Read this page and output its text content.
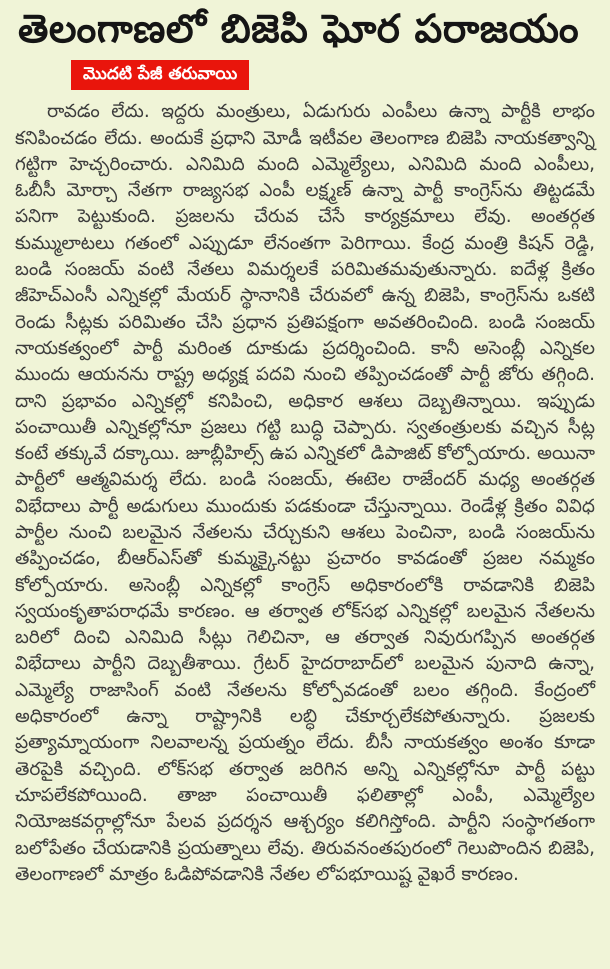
తెలంగాణలో బిజెపి ఘోర పరాజయం
మొదటి పేజీ తరువాయి

రావడం లేదు. ఇద్దరు మంత్రులు, ఏడుగురు ఎంపీలు ఉన్నా పార్టీకి లాభం కనిపించడం లేదు. అందుకే ప్రధాని మోడీ ఇటీవల తెలంగాణ బిజెపి నాయకత్వాన్ని గట్టిగా హెచ్చరించారు. ఎనిమిది మంది ఎమ్మెల్యేలు, ఎనిమిది మంది ఎంపీలు, ఓబీసీ మోర్చా నేతగా రాజ్యసభ ఎంపీ లక్ష్మణ్ ఉన్నా పార్టీ కాంగ్రెస్‌ను తిట్టడమే పనిగా పెట్టుకుంది. ప్రజలను చేరువ చేసే కార్యక్రమాలు లేవు. అంతర్గత కుమ్ములాటలు గతంలో ఎప్పుడూ లేనంతగా పెరిగాయి. కేంద్ర మంత్రి కిషన్ రెడ్డి, బండి సంజయ్ వంటి నేతలు విమర్శలకే పరిమితమవుతున్నారు. ఐదేళ్ల క్రితం జీహెచ్ఎంసీ ఎన్నికల్లో మేయర్ స్థానానికి చేరువలో ఉన్న బిజెపి, కాంగ్రెస్‌ను ఒకటి రెండు సీట్లకు పరిమితం చేసి ప్రధాన ప్రతిపక్షంగా అవతరించింది. బండి సంజయ్ నాయకత్వంలో పార్టీ మరింత దూకుడు ప్రదర్శించింది. కానీ అసెంబ్లీ ఎన్నికల ముందు ఆయనను రాష్ట్ర అధ్యక్ష పదవి నుంచి తప్పించడంతో పార్టీ జోరు తగ్గింది. దాని ప్రభావం ఎన్నికల్లో కనిపించి, అధికార ఆశలు దెబ్బతిన్నాయి. ఇప్పుడు పంచాయితీ ఎన్నికల్లోనూ ప్రజలు గట్టి బుద్ధి చెప్పారు. స్వతంత్రులకు వచ్చిన సీట్ల కంటే తక్కువే దక్కాయి. జూబ్లీహిల్స్ ఉప ఎన్నికలో డిపాజిట్ కోల్పోయారు. అయినా పార్టీలో ఆత్మవిమర్శ లేదు. బండి సంజయ్, ఈటెల రాజేందర్ మధ్య అంతర్గత విభేదాలు పార్టీ అడుగులు ముందుకు పడకుండా చేస్తున్నాయి. రెండేళ్ల క్రితం వివిధ పార్టీల నుంచి బలమైన నేతలను చేర్చుకుని ఆశలు పెంచినా, బండి సంజయ్‌ను తప్పించడం, బీఆర్ఎస్‌తో కుమ్మక్కైనట్టు ప్రచారం కావడంతో ప్రజల నమ్మకం కోల్పోయారు. అసెంబ్లీ ఎన్నికల్లో కాంగ్రెస్ అధికారంలోకి రావడానికి బిజెపి స్వయంకృతాపరాధమే కారణం. ఆ తర్వాత లోక్‌సభ ఎన్నికల్లో బలమైన నేతలను బరిలో దించి ఎనిమిది సీట్లు గెలిచినా, ఆ తర్వాత నివురుగప్పిన అంతర్గత విభేదాలు పార్టీని దెబ్బతీశాయి. గ్రేటర్ హైదరాబాద్‌లో బలమైన పునాది ఉన్నా, ఎమ్మెల్యే రాజాసింగ్ వంటి నేతలను కోల్పోవడంతో బలం తగ్గింది. కేంద్రంలో అధికారంలో ఉన్నా రాష్ట్రానికి లబ్ధి చేకూర్చలేకపోతున్నారు. ప్రజలకు ప్రత్యామ్నాయంగా నిలవాలన్న ప్రయత్నం లేదు. బీసీ నాయకత్వం అంశం కూడా తెరపైకి వచ్చింది. లోక్‌సభ తర్వాత జరిగిన అన్ని ఎన్నికల్లోనూ పార్టీ పట్టు చూపలేకపోయింది. తాజా పంచాయితీ ఫలితాల్లో ఎంపీ, ఎమ్మెల్యేల నియోజకవర్గాల్లోనూ పేలవ ప్రదర్శన ఆశ్చర్యం కలిగిస్తోంది. పార్టీని సంస్థాగతంగా బలోపేతం చేయడానికి ప్రయత్నాలు లేవు. తిరువనంతపురంలో గెలుపొందిన బిజెపి, తెలంగాణలో మాత్రం ఓడిపోవడానికి నేతల లోపభూయిష్ట వైఖరే కారణం.
